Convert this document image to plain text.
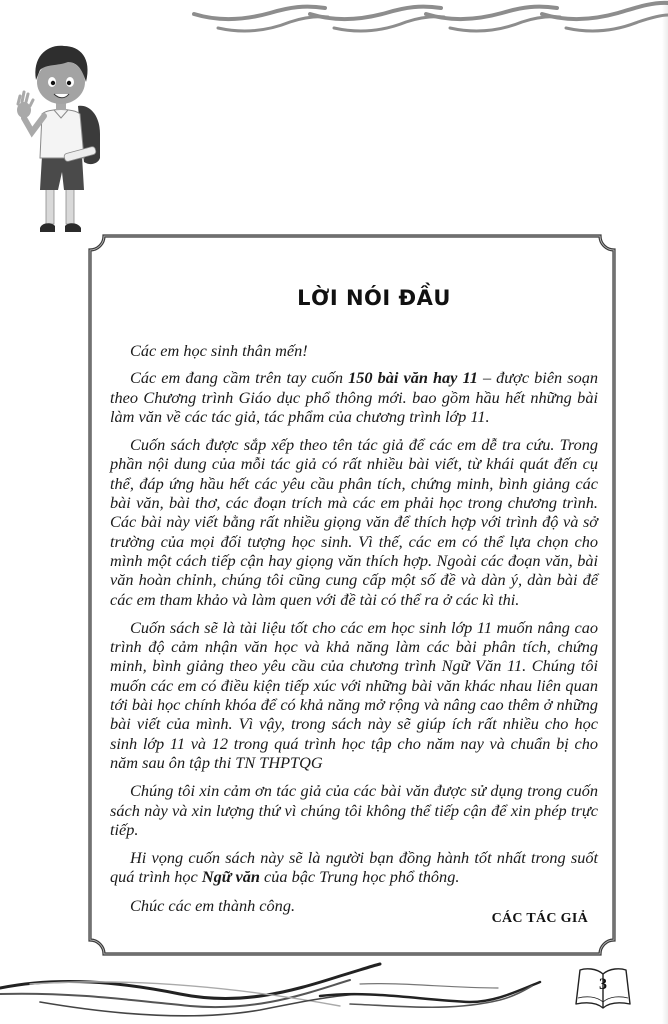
LỜI NÓI ĐẦU

Các em học sinh thân mến!

Các em đang cầm trên tay cuốn 150 bài văn hay 11 – được biên soạn theo Chương trình Giáo dục phổ thông mới. bao gồm hầu hết những bài làm văn về các tác giả, tác phẩm của chương trình lớp 11.

Cuốn sách được sắp xếp theo tên tác giả để các em dễ tra cứu. Trong phần nội dung của mỗi tác giả có rất nhiều bài viết, từ khái quát đến cụ thể, đáp ứng hầu hết các yêu cầu phân tích, chứng minh, bình giảng các bài văn, bài thơ, các đoạn trích mà các em phải học trong chương trình. Các bài này viết bằng rất nhiều giọng văn để thích hợp với trình độ và sở trường của mọi đối tượng học sinh. Vì thế, các em có thể lựa chọn cho mình một cách tiếp cận hay giọng văn thích hợp. Ngoài các đoạn văn, bài văn hoàn chỉnh, chúng tôi cũng cung cấp một số đề và dàn ý, dàn bài để các em tham khảo và làm quen với đề tài có thể ra ở các kì thi.

Cuốn sách sẽ là tài liệu tốt cho các em học sinh lớp 11 muốn nâng cao trình độ cảm nhận văn học và khả năng làm các bài phân tích, chứng minh, bình giảng theo yêu cầu của chương trình Ngữ Văn 11. Chúng tôi muốn các em có điều kiện tiếp xúc với những bài văn khác nhau liên quan tới bài học chính khóa để có khả năng mở rộng và nâng cao thêm ở những bài viết của mình. Vì vậy, trong sách này sẽ giúp ích rất nhiều cho học sinh lớp 11 và 12 trong quá trình học tập cho năm nay và chuẩn bị cho năm sau ôn tập thi TN THPTQG

Chúng tôi xin cảm ơn tác giả của các bài văn được sử dụng trong cuốn sách này và xin lượng thứ vì chúng tôi không thể tiếp cận để xin phép trực tiếp.

Hi vọng cuốn sách này sẽ là người bạn đồng hành tốt nhất trong suốt quá trình học Ngữ văn của bậc Trung học phổ thông.

Chúc các em thành công.

CÁC TÁC GIẢ
3
